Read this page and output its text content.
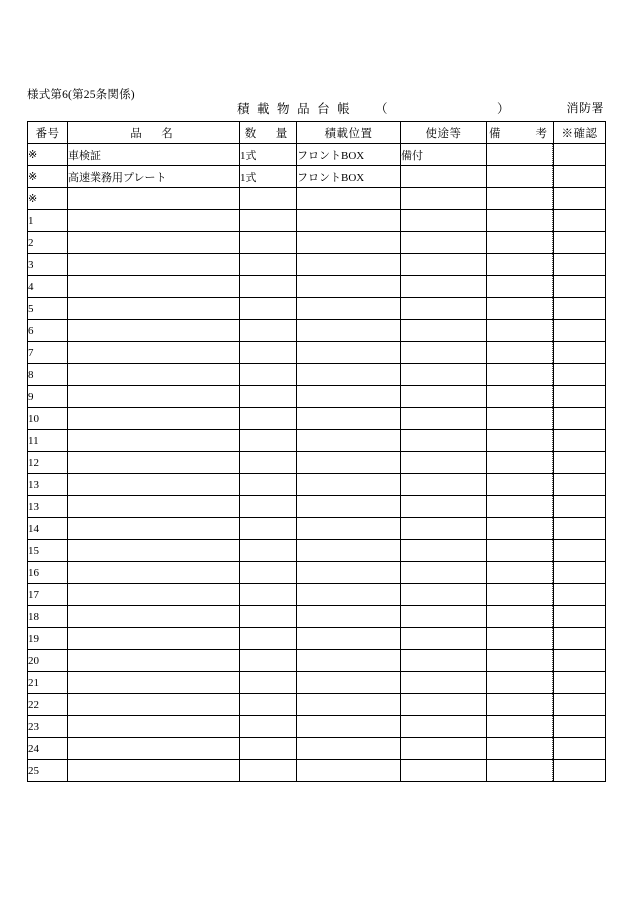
様式第6(第25条関係)
積 載 物 品 台 帳 （	）	消防署
番号	品　名	数　量	積載位置	使途等	備　　考	※確認
※	車検証	1式	フロントBOX	備付			
※	高速業務用プレート	1式	フロントBOX				
※							
1							
2							
3							
4							
5							
6							
7							
8							
9							
10							
11							
12							
13							
13							
14							
15							
16							
17							
18							
19							
20							
21							
22							
23							
24							
25							
